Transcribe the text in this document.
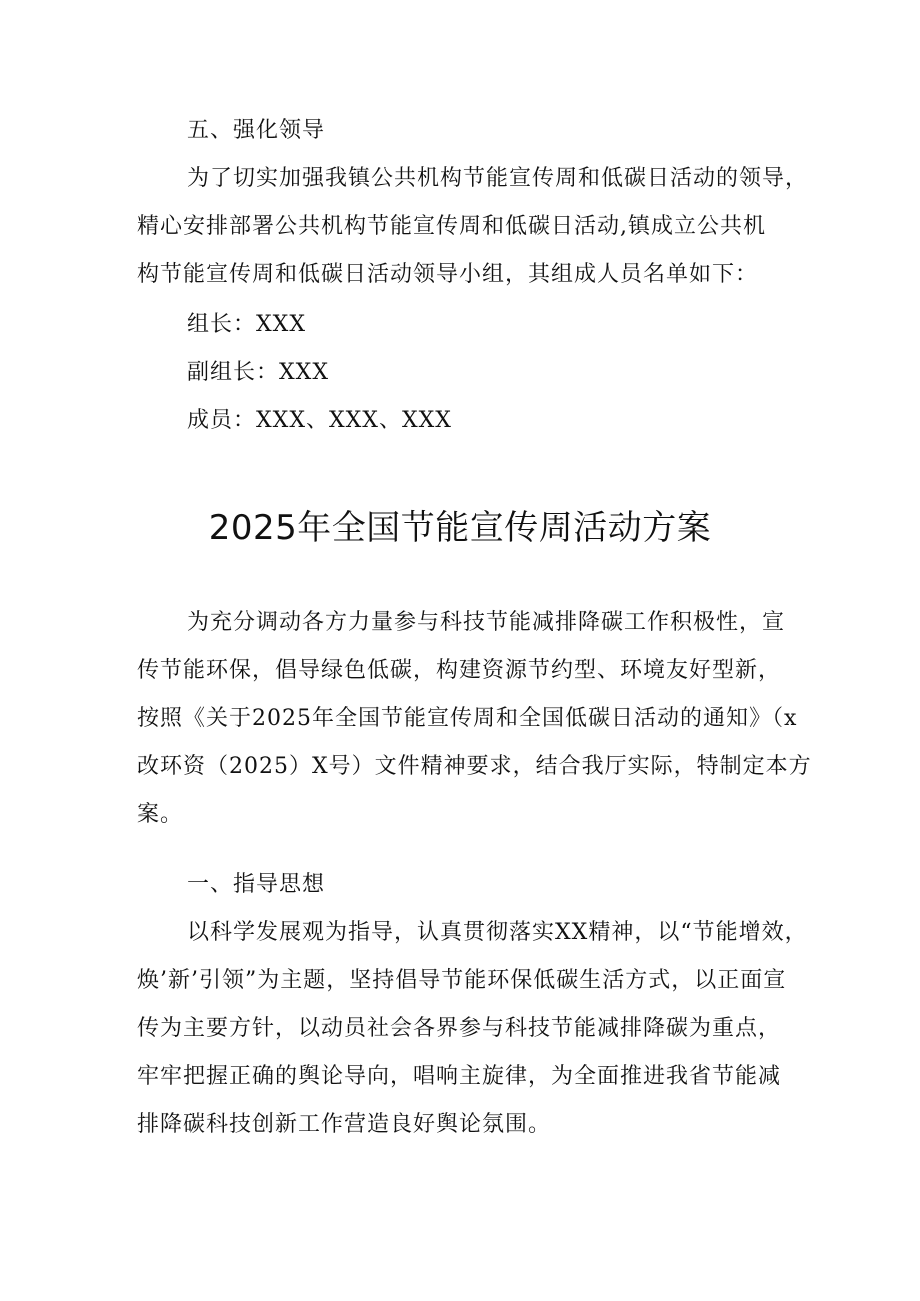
五、强化领导
为了切实加强我镇公共机构节能宣传周和低碳日活动的领导，
精心安排部署公共机构节能宣传周和低碳日活动,镇成立公共机
构节能宣传周和低碳日活动领导小组，其组成人员名单如下：
组长：XXX
副组长：XXX
成员：XXX、XXX、XXX
2025年全国节能宣传周活动方案
为充分调动各方力量参与科技节能减排降碳工作积极性，宣
传节能环保，倡导绿色低碳，构建资源节约型、环境友好型新，
按照《关于2025年全国节能宣传周和全国低碳日活动的通知》（x
改环资（2025）X号）文件精神要求，结合我厅实际，特制定本方
案。
一、指导思想
以科学发展观为指导，认真贯彻落实XX精神，以“节能增效，
焕’新’引领”为主题，坚持倡导节能环保低碳生活方式，以正面宣
传为主要方针，以动员社会各界参与科技节能减排降碳为重点，
牢牢把握正确的舆论导向，唱响主旋律，为全面推进我省节能减
排降碳科技创新工作营造良好舆论氛围。
